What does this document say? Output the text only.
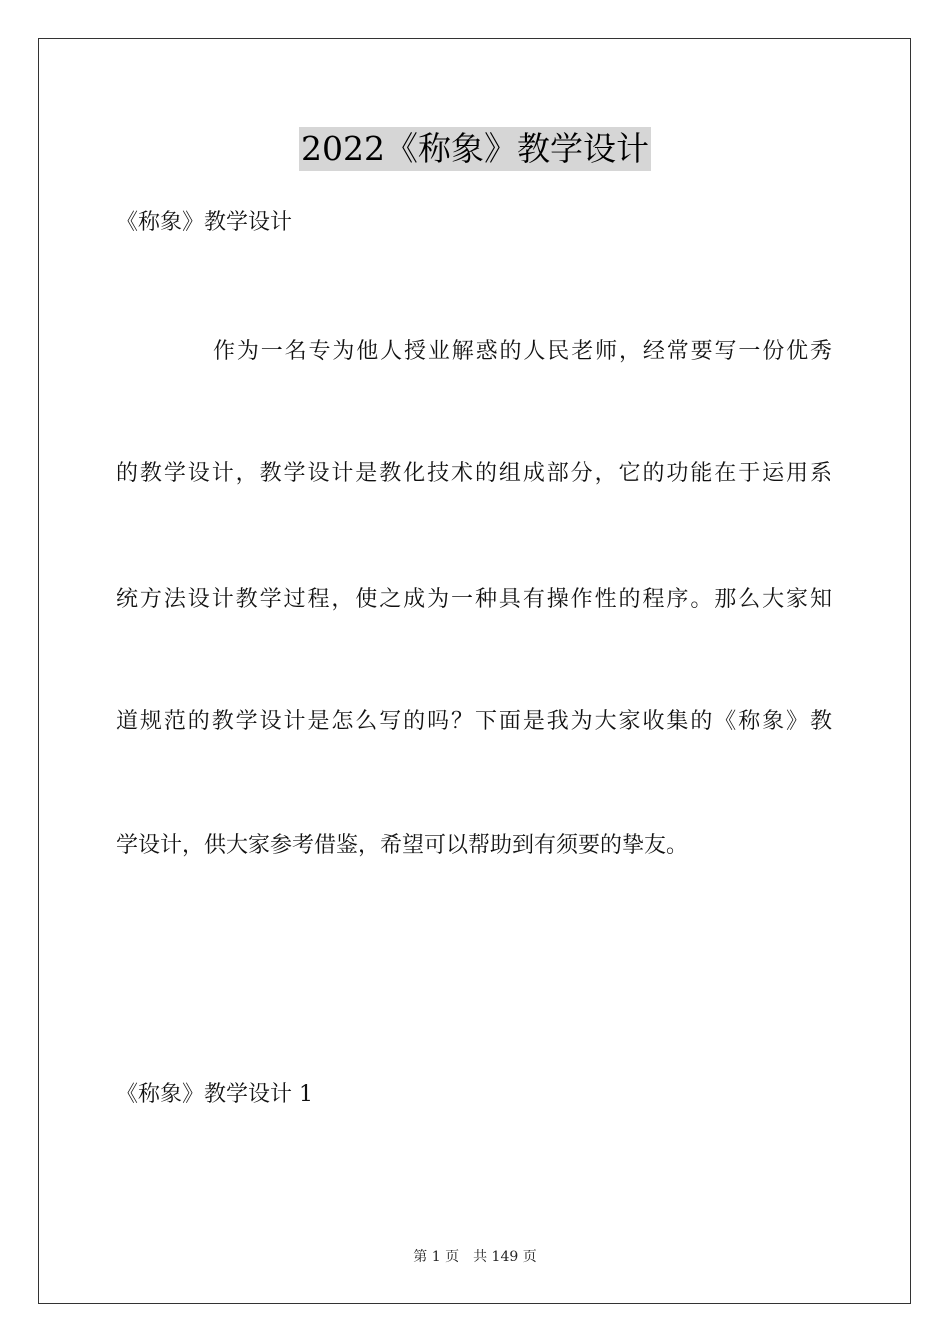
2022《称象》教学设计
《称象》教学设计
作为一名专为他人授业解惑的人民老师，经常要写一份优秀
的教学设计，教学设计是教化技术的组成部分，它的功能在于运用系
统方法设计教学过程，使之成为一种具有操作性的程序。那么大家知
道规范的教学设计是怎么写的吗？下面是我为大家收集的《称象》教
学设计，供大家参考借鉴，希望可以帮助到有须要的挚友。
《称象》教学设计 1
第 1 页 共 149 页
